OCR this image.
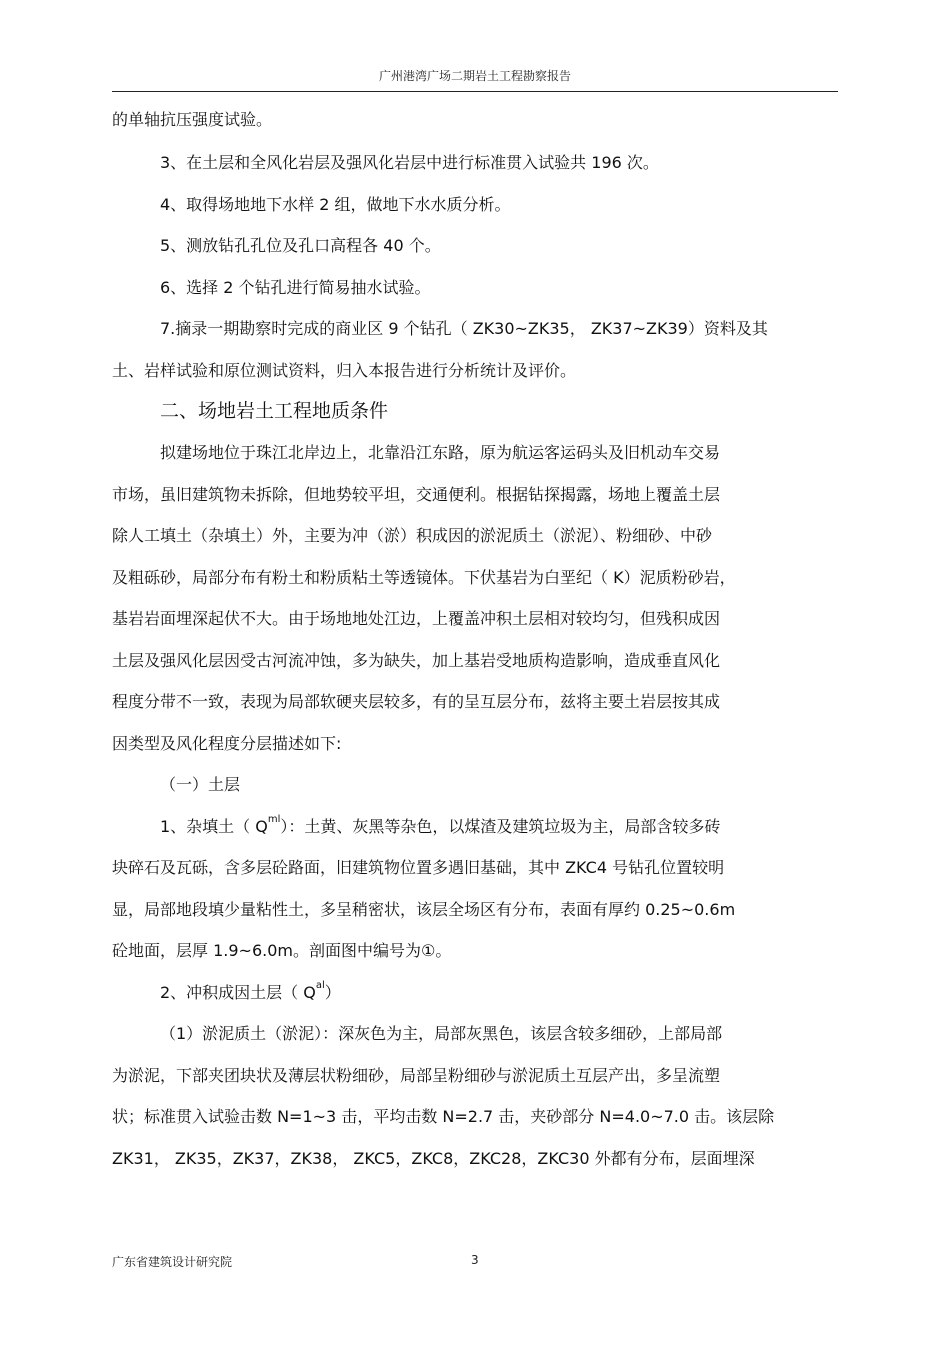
广州港湾广场二期岩土工程勘察报告
的单轴抗压强度试验。
3、在土层和全风化岩层及强风化岩层中进行标准贯入试验共 196 次。
4、取得场地地下水样 2 组，做地下水水质分析。
5、测放钻孔孔位及孔口高程各 40 个。
6、选择 2 个钻孔进行简易抽水试验。
7.摘录一期勘察时完成的商业区 9 个钻孔（ ZK30~ZK35， ZK37~ZK39）资料及其
土、岩样试验和原位测试资料，归入本报告进行分析统计及评价。
二、场地岩土工程地质条件
拟建场地位于珠江北岸边上，北靠沿江东路，原为航运客运码头及旧机动车交易
市场，虽旧建筑物未拆除，但地势较平坦，交通便利。根据钻探揭露，场地上覆盖土层
除人工填土（杂填土）外，主要为冲（淤）积成因的淤泥质土（淤泥）、粉细砂、中砂
及粗砾砂，局部分布有粉土和粉质粘土等透镜体。下伏基岩为白垩纪（ K）泥质粉砂岩，
基岩岩面埋深起伏不大。由于场地地处江边，上覆盖冲积土层相对较均匀，但残积成因
土层及强风化层因受古河流冲蚀，多为缺失，加上基岩受地质构造影响，造成垂直风化
程度分带不一致，表现为局部软硬夹层较多，有的呈互层分布，兹将主要土岩层按其成
因类型及风化程度分层描述如下:
（一）土层
1、杂填土（ $Q^{ml}$）：土黄、灰黑等杂色，以煤渣及建筑垃圾为主，局部含较多砖
块碎石及瓦砾，含多层砼路面，旧建筑物位置多遇旧基础，其中 ZKC4 号钻孔位置较明
显，局部地段填少量粘性土，多呈稍密状，该层全场区有分布，表面有厚约 0.25~0.6m
砼地面，层厚 1.9~6.0m。剖面图中编号为①。
2、冲积成因土层（ $Q^{al}$）
（1）淤泥质土（淤泥）：深灰色为主，局部灰黑色，该层含较多细砂，上部局部
为淤泥，下部夹团块状及薄层状粉细砂，局部呈粉细砂与淤泥质土互层产出，多呈流塑
状；标准贯入试验击数 N=1~3 击，平均击数 N=2.7 击，夹砂部分 N=4.0~7.0 击。该层除
ZK31， ZK35，ZK37，ZK38， ZKC5，ZKC8，ZKC28，ZKC30 外都有分布，层面埋深
广东省建筑设计研究院	3
